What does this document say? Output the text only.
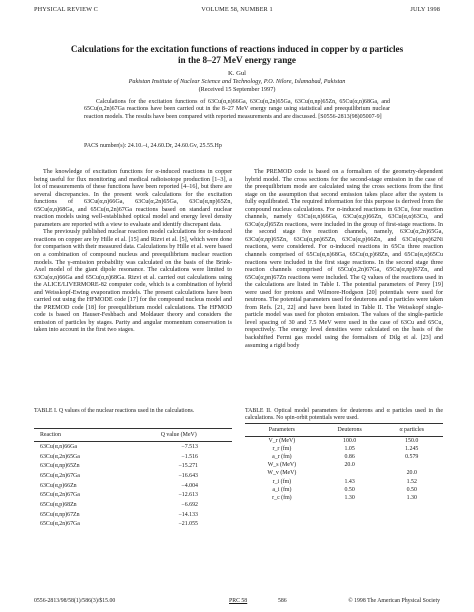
PHYSICAL REVIEW C	VOLUME 58, NUMBER 1	JULY 1998
Calculations for the excitation functions of reactions induced in copper by α particles
in the 8–27 MeV energy range
K. Gul
Pakistan Institute of Nuclear Science and Technology, P.O. Nilore, Islamabad, Pakistan
(Received 15 September 1997)
Calculations for the excitation functions of 63Cu(α,n)66Ga, 63Cu(α,2n)65Ga, 63Cu(α,np)65Zn, 65Cu(α,n)68Ga, and 65Cu(α,2n)67Ga reactions have been carried out in the 8–27 MeV energy range using statistical and preequilibrium nuclear reaction models. The results have been compared with reported measurements and are discussed. [S0556-2813(98)05007-9]
PACS number(s): 24.10.–i, 24.60.Dr, 24.60.Gv, 25.55.Hp

The knowledge of excitation functions for α-induced reactions in copper being useful for flux monitoring and medical radioisotope production [1–3], a lot of measurements of these functions have been reported [4–16], but there are several discrepancies. In the present work calculations for the excitation functions of 63Cu(α,n)66Ga, 63Cu(α,2n)65Ga, 63Cu(α,np)65Zn, 65Cu(α,n)68Ga, and 65Cu(α,2n)67Ga reactions based on standard nuclear reaction models using well-established optical model and energy level density parameters are reported with a view to evaluate and identify discrepant data.

The previously published nuclear reaction model calculations for α-induced reactions on copper are by Hille et al. [15] and Rizvi et al. [5], which were done for comparison with their measured data. Calculations by Hille et al. were based on a combination of compound nucleus and preequilibrium nuclear reaction models. The γ-emission probability was calculated on the basis of the Brink-Axel model of the giant dipole resonance. The calculations were limited to 63Cu(α,n)66Ga and 65Cu(α,n)68Ga. Rizvi et al. carried out calculations using the ALICE/LIVERMORE-82 computer code, which is a combination of hybrid and Weisskopf-Ewing evaporation models. The present calculations have been carried out using the HFMODE code [17] for the compound nucleus model and the PREMOD code [18] for preequilibrium model calculations. The HFMOD code is based on Hauser-Feshbach and Moldauer theory and considers the emission of particles by stages. Parity and angular momentum conservation is taken into account in the first two stages.

The PREMOD code is based on a formalism of the geometry-dependent hybrid model. The cross sections for the second-stage emission in the case of the preequilibrium mode are calculated using the cross sections from the first stage on the assumption that second emission takes place after the system is fully equilibrated. The required information for this purpose is derived from the compound nucleus calculations. For α-induced reactions in 63Cu, four reaction channels, namely 63Cu(α,n)66Ga, 63Cu(α,p)66Zn, 63Cu(α,α)63Cu, and 63Cu(α,d)65Zn reactions, were included in the group of first-stage reactions. In the second stage five reaction channels, namely, 63Cu(α,2n)65Ga, 63Cu(α,np)65Zn, 63Cu(α,pn)65Zn, 63Cu(α,p)66Zn, and 63Cu(α,pα)62Ni reactions, were considered. For α-induced reactions in 65Cu three reaction channels comprised of 65Cu(α,n)68Ga, 65Cu(α,p)68Zn, and 65Cu(α,α)65Cu reactions were included in the first stage reactions. In the second stage three reaction channels comprised of 65Cu(α,2n)67Ga, 65Cu(α,np)67Zn, and 65Cu(α,pn)67Zn reactions were included. The Q values of the reactions used in the calculations are listed in Table I. The potential parameters of Perey [19] were used for protons and Wilmore-Hodgson [20] potentials were used for neutrons. The potential parameters used for deuterons and α particles were taken from Refs. [21, 22] and have been listed in Table II. The Weisskopf single-particle model was used for photon emission. The values of the single-particle level spacing of 30 and 7.5 MeV were used in the case of 63Cu and 65Cu, respectively. The energy level densities were calculated on the basis of the backshifted Fermi gas model using the formalism of Dilg et al. [23] and assuming a rigid body

TABLE I. Q values of the nuclear reactions used in the calculations.

Reaction	Q value (MeV)
63Cu(α,n)66Ga	−7.513
63Cu(α,2n)65Ga	−1.516
63Cu(α,np)65Zn	−15.271
65Cu(α,2n)67Ga	−16.643
63Cu(α,p)66Zn	−4.004
65Cu(α,2n)67Ga	−12.613
65Cu(α,p)68Zn	−6.692
65Cu(α,np)67Zn	−14.133
65Cu(α,2n)67Ga	−21.055
TABLE II. Optical model parameters for deuterons and α particles used in the calculations. No spin-orbit potentials were used.
Parameters	Deuterons	α particles
V_r (MeV)	100.0	150.0
r_r (fm)	1.05	1.245
a_r (fm)	0.86	0.579
W_s (MeV)	20.0	
W_v (MeV)		20.0
r_i (fm)	1.43	1.52
a_i (fm)	0.50	0.50
r_c (fm)	1.30	1.30
0556-2813/98/58(1)/586(3)/$15.00	PRC 58	586	© 1998 The American Physical Society
